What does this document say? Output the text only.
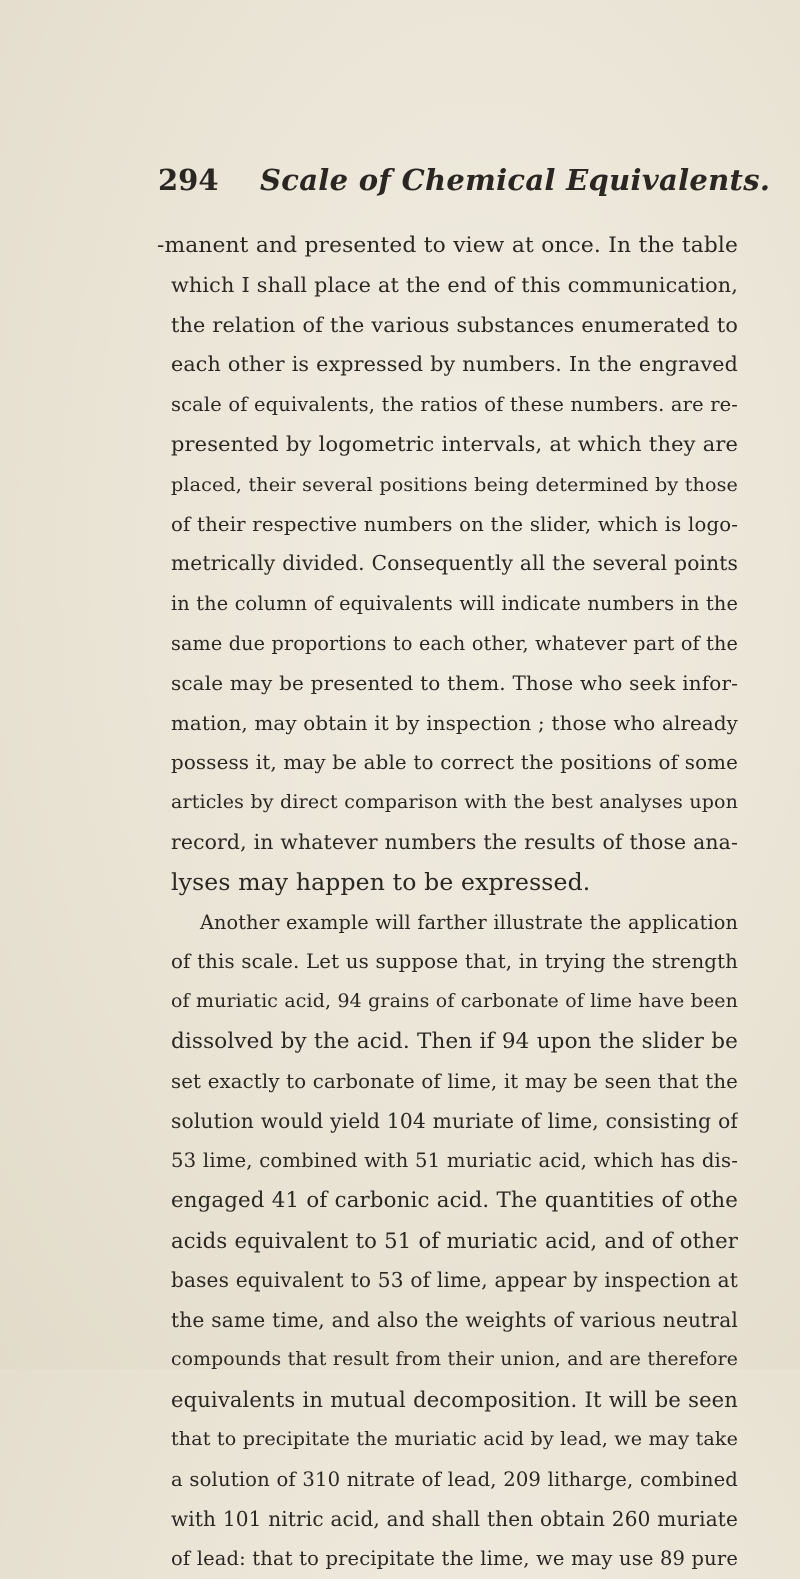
294 Scale of Chemical Equivalents.
-manent and presented to view at once. In the table
which I shall place at the end of this communication,
the relation of the various substances enumerated to
each other is expressed by numbers. In the engraved
scale of equivalents, the ratios of these numbers. are re-
presented by logometric intervals, at which they are
placed, their several positions being determined by those
of their respective numbers on the slider, which is logo-
metrically divided. Consequently all the several points
in the column of equivalents will indicate numbers in the
same due proportions to each other, whatever part of the
scale may be presented to them. Those who seek infor-
mation, may obtain it by inspection ; those who already
possess it, may be able to correct the positions of some
articles by direct comparison with the best analyses upon
record, in whatever numbers the results of those ana-
lyses may happen to be expressed.
Another example will farther illustrate the application
of this scale. Let us suppose that, in trying the strength
of muriatic acid, 94 grains of carbonate of lime have been
dissolved by the acid. Then if 94 upon the slider be
set exactly to carbonate of lime, it may be seen that the
solution would yield 104 muriate of lime, consisting of
53 lime, combined with 51 muriatic acid, which has dis-
engaged 41 of carbonic acid. The quantities of othe
acids equivalent to 51 of muriatic acid, and of other
bases equivalent to 53 of lime, appear by inspection at
the same time, and also the weights of various neutral
compounds that result from their union, and are therefore
equivalents in mutual decomposition. It will be seen
that to precipitate the muriatic acid by lead, we may take
a solution of 310 nitrate of lead, 209 litharge, combined
with 101 nitric acid, and shall then obtain 260 muriate
of lead: that to precipitate the lime, we may use 89 pure
